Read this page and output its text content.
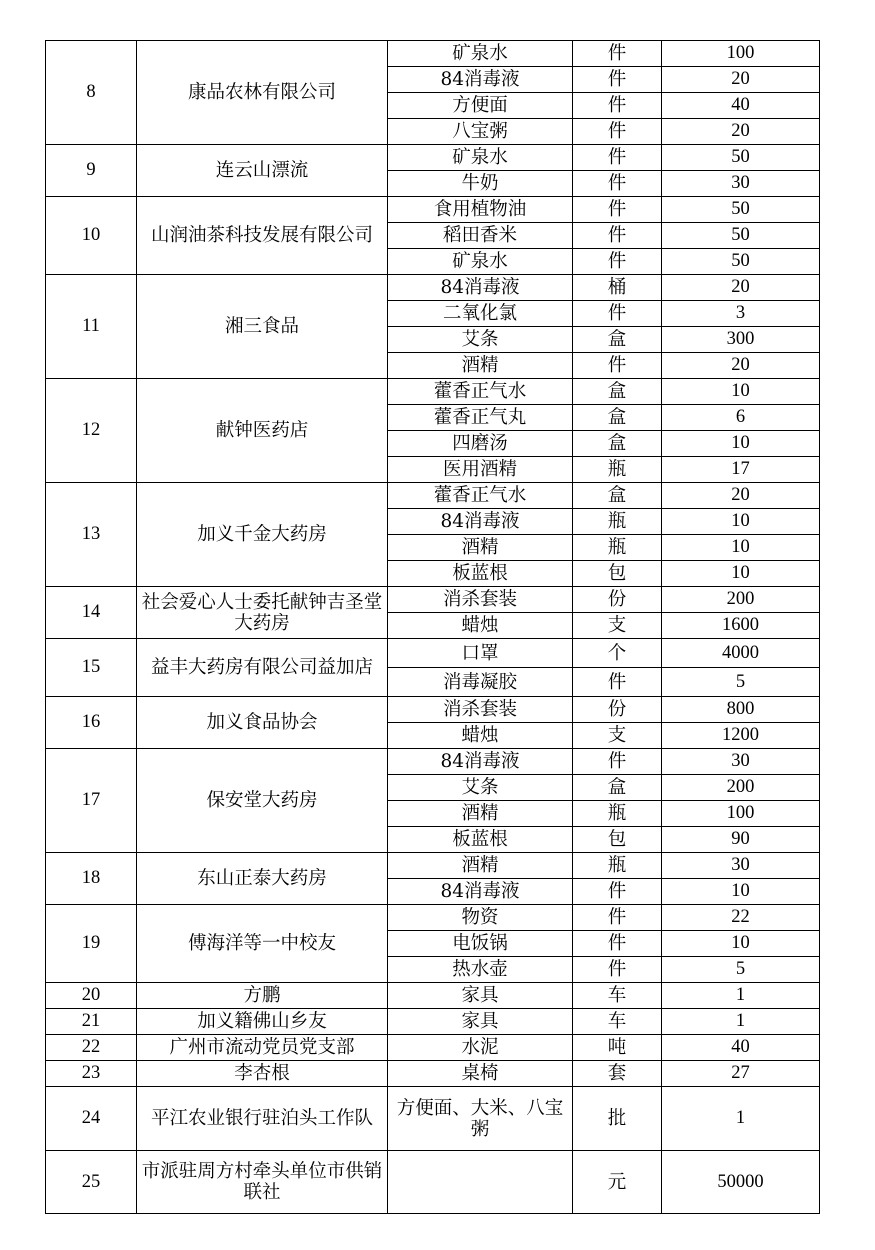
8	康品农林有限公司	矿泉水	件	100
		84消毒液	件	20
		方便面	件	40
		八宝粥	件	20
9	连云山漂流	矿泉水	件	50
		牛奶	件	30
10	山润油茶科技发展有限公司	食用植物油	件	50
		稻田香米	件	50
		矿泉水	件	50
11	湘三食品	84消毒液	桶	20
		二氧化氯	件	3
		艾条	盒	300
		酒精	件	20
12	献钟医药店	藿香正气水	盒	10
		藿香正气丸	盒	6
		四磨汤	盒	10
		医用酒精	瓶	17
13	加义千金大药房	藿香正气水	盒	20
		84消毒液	瓶	10
		酒精	瓶	10
		板蓝根	包	10
14	社会爱心人士委托献钟吉圣堂大药房	消杀套装	份	200
		蜡烛	支	1600
15	益丰大药房有限公司益加店	口罩	个	4000
		消毒凝胶	件	5
16	加义食品协会	消杀套装	份	800
		蜡烛	支	1200
17	保安堂大药房	84消毒液	件	30
		艾条	盒	200
		酒精	瓶	100
		板蓝根	包	90
18	东山正泰大药房	酒精	瓶	30
		84消毒液	件	10
19	傅海洋等一中校友	物资	件	22
		电饭锅	件	10
		热水壶	件	5
20	方鹏	家具	车	1
21	加义籍佛山乡友	家具	车	1
22	广州市流动党员党支部	水泥	吨	40
23	李杏根	桌椅	套	27
24	平江农业银行驻泊头工作队	方便面、大米、八宝粥	批	1
25	市派驻周方村牵头单位市供销联社		元	50000
